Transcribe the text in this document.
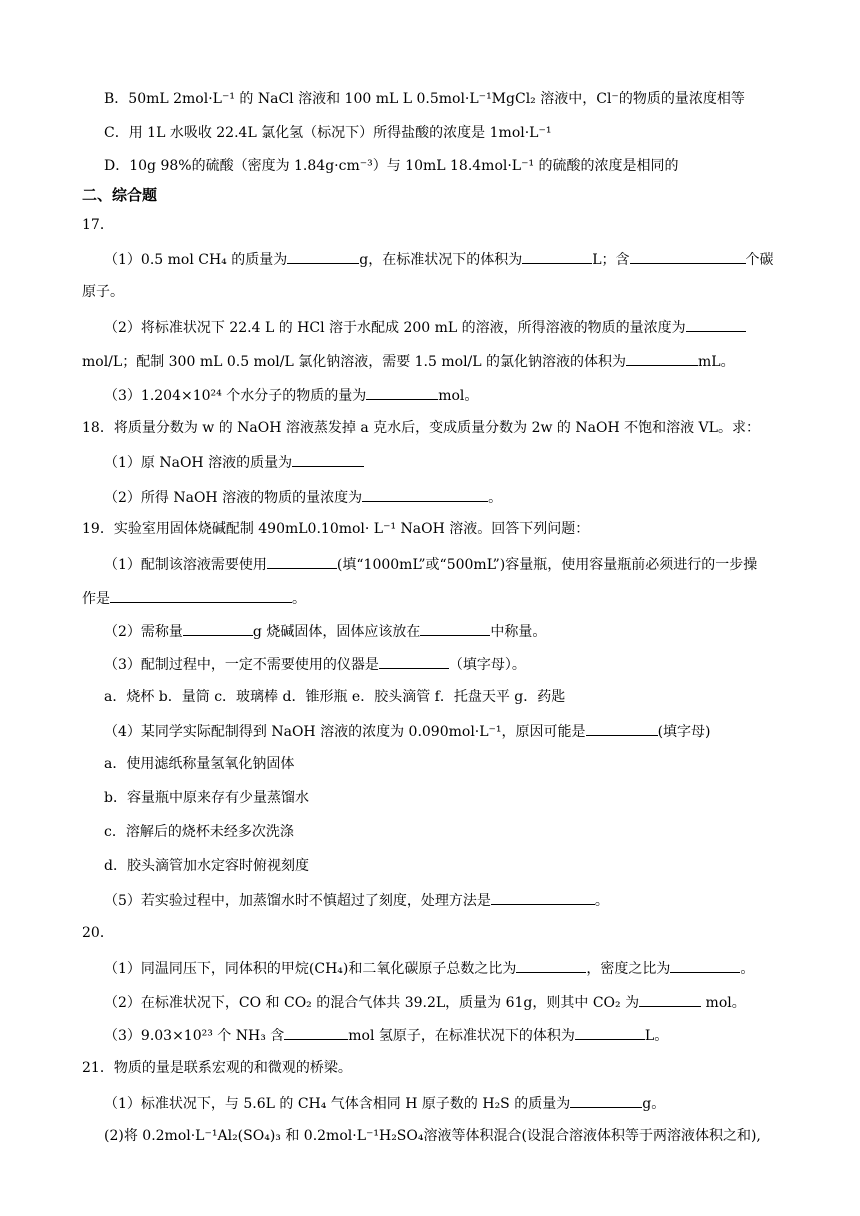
B．50mL 2mol·L⁻¹ 的 NaCl 溶液和 100 mL L 0.5mol·L⁻¹MgCl₂ 溶液中，Cl⁻的物质的量浓度相等
C．用 1L 水吸收 22.4L 氯化氢（标况下）所得盐酸的浓度是 1mol·L⁻¹
D．10g 98%的硫酸（密度为 1.84g·cm⁻³）与 10mL 18.4mol·L⁻¹ 的硫酸的浓度是相同的
二、综合题
17．
（1）0.5 mol CH₄ 的质量为	g，在标准状况下的体积为	L；含	个碳
原子。
（2）将标准状况下 22.4 L 的 HCl 溶于水配成 200 mL 的溶液，所得溶液的物质的量浓度为
mol/L；配制 300 mL 0.5 mol/L 氯化钠溶液，需要 1.5 mol/L 的氯化钠溶液的体积为	mL。
（3）1.204×10²⁴ 个水分子的物质的量为	mol。
18．将质量分数为 w 的 NaOH 溶液蒸发掉 a 克水后，变成质量分数为 2w 的 NaOH 不饱和溶液 VL。求：
（1）原 NaOH 溶液的质量为
（2）所得 NaOH 溶液的物质的量浓度为	。
19．实验室用固体烧碱配制 490mL0.10mol· L⁻¹ NaOH 溶液。回答下列问题：
（1）配制该溶液需要使用	(填“1000mL”或“500mL”)容量瓶，使用容量瓶前必须进行的一步操
作是	。
（2）需称量	g 烧碱固体，固体应该放在	中称量。
（3）配制过程中，一定不需要使用的仪器是	（填字母）。
a．烧杯 b．量筒 c．玻璃棒 d．锥形瓶 e．胶头滴管 f．托盘天平 g．药匙
（4）某同学实际配制得到 NaOH 溶液的浓度为 0.090mol·L⁻¹，原因可能是	(填字母)
a．使用滤纸称量氢氧化钠固体
b．容量瓶中原来存有少量蒸馏水
c．溶解后的烧杯未经多次洗涤
d．胶头滴管加水定容时俯视刻度
（5）若实验过程中，加蒸馏水时不慎超过了刻度，处理方法是	。
20．
（1）同温同压下，同体积的甲烷(CH₄)和二氧化碳原子总数之比为	，密度之比为	。
（2）在标准状况下，CO 和 CO₂ 的混合气体共 39.2L，质量为 61g，则其中 CO₂ 为	mol。
（3）9.03×10²³ 个 NH₃ 含	mol 氢原子，在标准状况下的体积为	L。
21．物质的量是联系宏观的和微观的桥梁。
（1）标准状况下，与 5.6L 的 CH₄ 气体含相同 H 原子数的 H₂S 的质量为	g。
(2)将 0.2mol·L⁻¹Al₂(SO₄)₃ 和 0.2mol·L⁻¹H₂SO₄溶液等体积混合(设混合溶液体积等于两溶液体积之和),
